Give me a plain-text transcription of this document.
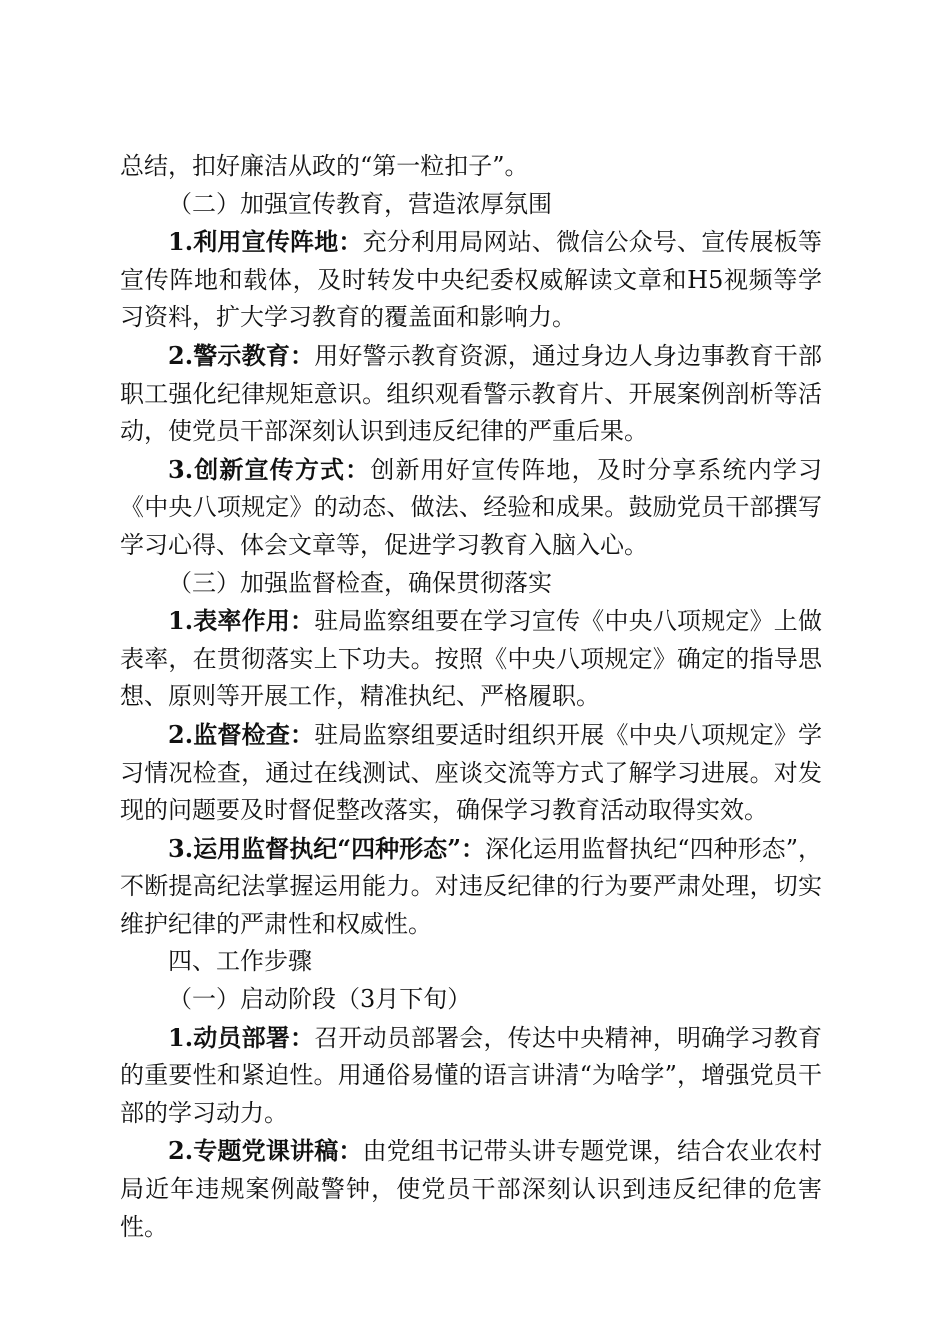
总结，扣好廉洁从政的“第一粒扣子”。

（二）加强宣传教育，营造浓厚氛围

1.利用宣传阵地：充分利用局网站、微信公众号、宣传展板等宣传阵地和载体，及时转发中央纪委权威解读文章和H5视频等学习资料，扩大学习教育的覆盖面和影响力。

2.警示教育：用好警示教育资源，通过身边人身边事教育干部职工强化纪律规矩意识。组织观看警示教育片、开展案例剖析等活动，使党员干部深刻认识到违反纪律的严重后果。

3.创新宣传方式：创新用好宣传阵地，及时分享系统内学习《中央八项规定》的动态、做法、经验和成果。鼓励党员干部撰写学习心得、体会文章等，促进学习教育入脑入心。

（三）加强监督检查，确保贯彻落实

1.表率作用：驻局监察组要在学习宣传《中央八项规定》上做表率，在贯彻落实上下功夫。按照《中央八项规定》确定的指导思想、原则等开展工作，精准执纪、严格履职。

2.监督检查：驻局监察组要适时组织开展《中央八项规定》学习情况检查，通过在线测试、座谈交流等方式了解学习进展。对发现的问题要及时督促整改落实，确保学习教育活动取得实效。

3.运用监督执纪“四种形态”：深化运用监督执纪“四种形态”，不断提高纪法掌握运用能力。对违反纪律的行为要严肃处理，切实维护纪律的严肃性和权威性。

四、工作步骤

（一）启动阶段（3月下旬）

1.动员部署：召开动员部署会，传达中央精神，明确学习教育的重要性和紧迫性。用通俗易懂的语言讲清“为啥学”，增强党员干部的学习动力。

2.专题党课讲稿：由党组书记带头讲专题党课，结合农业农村局近年违规案例敲警钟，使党员干部深刻认识到违反纪律的危害性。
